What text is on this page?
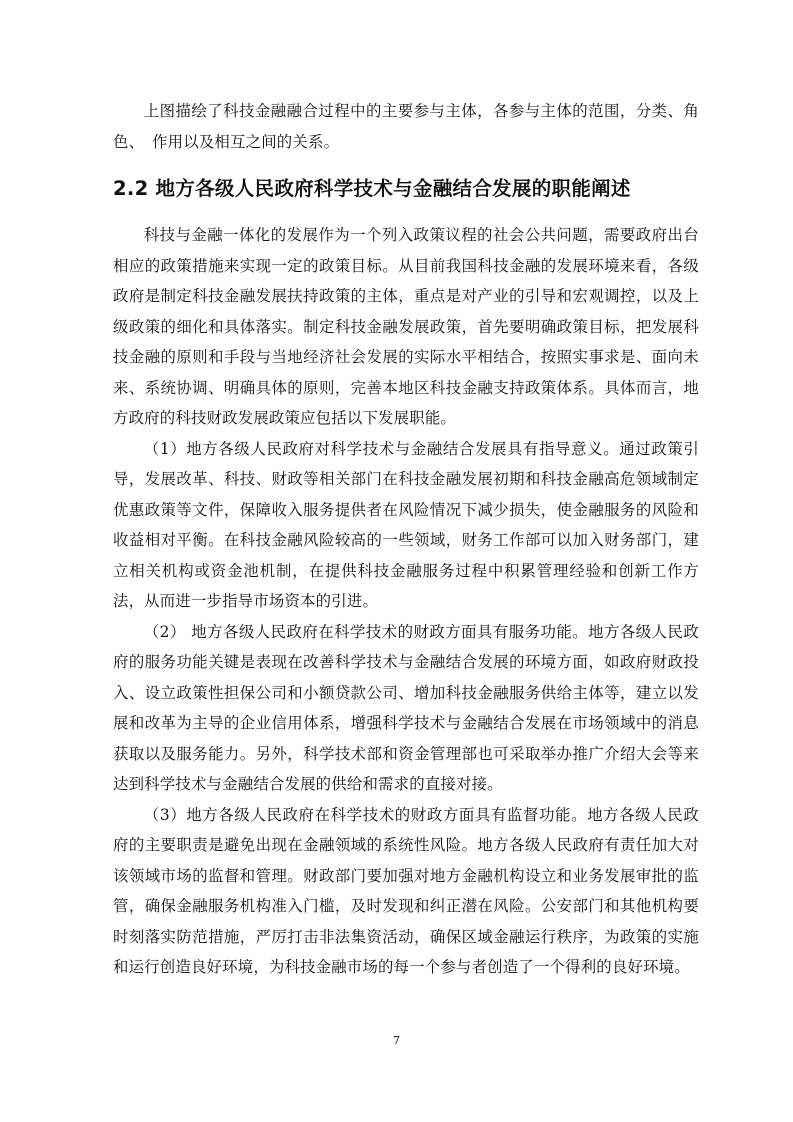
上图描绘了科技金融融合过程中的主要参与主体，各参与主体的范围，分类、角色、　作用以及相互之间的关系。

2.2 地方各级人民政府科学技术与金融结合发展的职能阐述

科技与金融一体化的发展作为一个列入政策议程的社会公共问题，需要政府出台相应的政策措施来实现一定的政策目标。从目前我国科技金融的发展环境来看，各级政府是制定科技金融发展扶持政策的主体，重点是对产业的引导和宏观调控，以及上级政策的细化和具体落实。制定科技金融发展政策，首先要明确政策目标，把发展科技金融的原则和手段与当地经济社会发展的实际水平相结合，按照实事求是、面向未来、系统协调、明确具体的原则，完善本地区科技金融支持政策体系。具体而言，地方政府的科技财政发展政策应包括以下发展职能。

（1）地方各级人民政府对科学技术与金融结合发展具有指导意义。通过政策引导，发展改革、科技、财政等相关部门在科技金融发展初期和科技金融高危领域制定优惠政策等文件，保障收入服务提供者在风险情况下减少损失，使金融服务的风险和收益相对平衡。在科技金融风险较高的一些领域，财务工作部可以加入财务部门，建立相关机构或资金池机制，在提供科技金融服务过程中积累管理经验和创新工作方法，从而进一步指导市场资本的引进。

（2） 地方各级人民政府在科学技术的财政方面具有服务功能。地方各级人民政府的服务功能关键是表现在改善科学技术与金融结合发展的环境方面，如政府财政投入、设立政策性担保公司和小额贷款公司、增加科技金融服务供给主体等，建立以发展和改革为主导的企业信用体系，增强科学技术与金融结合发展在市场领域中的消息获取以及服务能力。另外，科学技术部和资金管理部也可采取举办推广介绍大会等来达到科学技术与金融结合发展的供给和需求的直接对接。

（3）地方各级人民政府在科学技术的财政方面具有监督功能。地方各级人民政府的主要职责是避免出现在金融领域的系统性风险。地方各级人民政府有责任加大对该领域市场的监督和管理。财政部门要加强对地方金融机构设立和业务发展审批的监管，确保金融服务机构准入门槛，及时发现和纠正潜在风险。公安部门和其他机构要时刻落实防范措施，严厉打击非法集资活动，确保区域金融运行秩序，为政策的实施和运行创造良好环境，为科技金融市场的每一个参与者创造了一个得利的良好环境。

7
